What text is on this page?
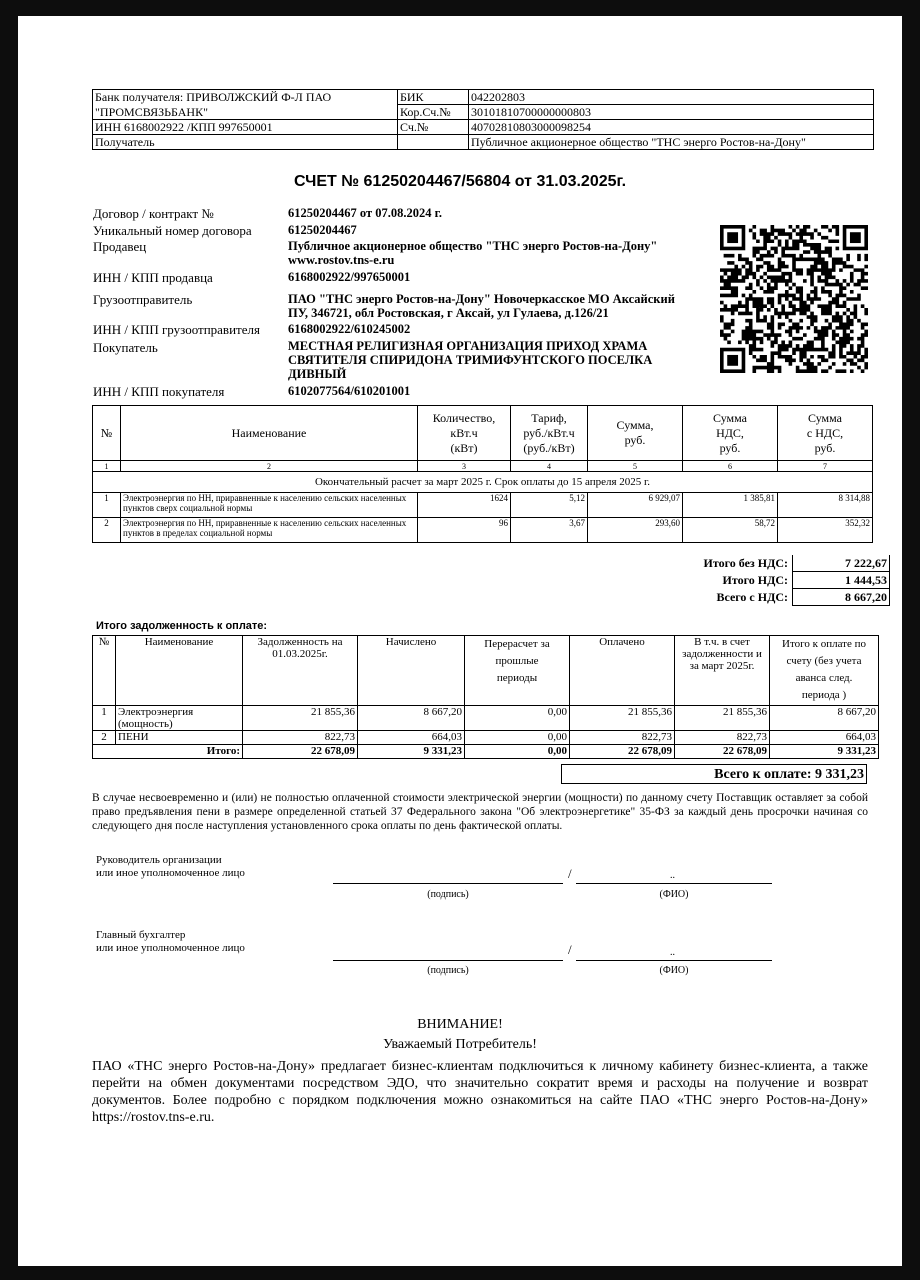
Банк получателя: ПРИВОЛЖСКИЙ Ф-Л ПАО	БИК	042202803
"ПРОМСВЯЗЬБАНК"	Кор.Сч.№	30101810700000000803
ИНН 6168002922 /КПП 997650001	Сч.№	40702810803000098254
Получатель		Публичное акционерное общество "ТНС энерго Ростов-на-Дону"
СЧЕТ № 61250204467/56804 от 31.03.2025г.
Договор / контракт №	61250204467 от 07.08.2024 г.
Уникальный номер договора	61250204467
Продавец	Публичное акционерное общество "ТНС энерго Ростов-на-Дону"
www.rostov.tns-e.ru
ИНН / КПП продавца	6168002922/997650001
Грузоотправитель	ПАО "ТНС энерго Ростов-на-Дону" Новочеркасское МО Аксайский
ПУ, 346721, обл Ростовская, г Аксай, ул Гулаева, д.126/21
ИНН / КПП грузоотправителя 6168002922/610245002
Покупатель	МЕСТНАЯ РЕЛИГИЗНАЯ ОРГАНИЗАЦИЯ ПРИХОД ХРАМА
СВЯТИТЕЛЯ СПИРИДОНА ТРИМИФУНТСКОГО ПОСЕЛКА
ДИВНЫЙ
ИНН / КПП покупателя	6102077564/610201001
№	Наименование	Количество,
кВт.ч
(кВт)	Тариф,
руб./кВт.ч
(руб./кВт)	Сумма,
руб.	Сумма
НДС,
руб.	Сумма
с НДС,
руб.
1	2	3	4	5	6	7
Окончательный расчет за март 2025 г. Срок оплаты до 15 апреля 2025 г.						
1	Электроэнергия по НН, приравненные к населению сельских населенных пунктов сверх социальной нормы	1624	5,12	6 929,07	1 385,81	8 314,88
2	Электроэнергия по НН, приравненные к населению сельских населенных пунктов в пределах социальной нормы	96	3,67	293,60	58,72	352,32
Итого без НДС:	7 222,67
Итого НДС:	1 444,53
Всего с НДС:	8 667,20
Итого задолженность к оплате:
№	Наименование	Задолженность на
01.03.2025г.	Начислено	Перерасчет за
прошлые
периоды	Оплачено	В т.ч. в счет
задолженности и
за март 2025г.	Итого к оплате по
счету (без учета
аванса след.
периода )
1	Электроэнергия
(мощность)	21 855,36	8 667,20	0,00	21 855,36	21 855,36	8 667,20
2	ПЕНИ	822,73	664,03	0,00	822,73	822,73	664,03
Итого:		22 678,09	9 331,23	0,00	22 678,09	22 678,09	9 331,23
Всего к оплате: 9 331,23
В случае несвоевременно и (или) не полностью оплаченной стоимости электрической энергии (мощности) по данному счету Поставщик оставляет за собой право предъявления пени в размере определенной статьей 37 Федерального закона "Об электроэнергетике" 35-ФЗ за каждый день просрочки начиная со следующего дня после наступления установленного срока оплаты по день фактической оплаты.
Руководитель организации
или иное уполномоченное лицо	/	..
(подпись)	(ФИО)
Главный бухгалтер
или иное уполномоченное лицо	/	..
(подпись)	(ФИО)
ВНИМАНИЕ!
Уважаемый Потребитель!
ПАО «ТНС энерго Ростов-на-Дону» предлагает бизнес-клиентам подключиться к личному кабинету бизнес-клиента, а также перейти на обмен документами посредством ЭДО, что значительно сократит время и расходы на получение и возврат документов. Более подробно с порядком подключения можно ознакомиться на сайте ПАО «ТНС энерго Ростов-на-Дону» https://rostov.tns-e.ru.
